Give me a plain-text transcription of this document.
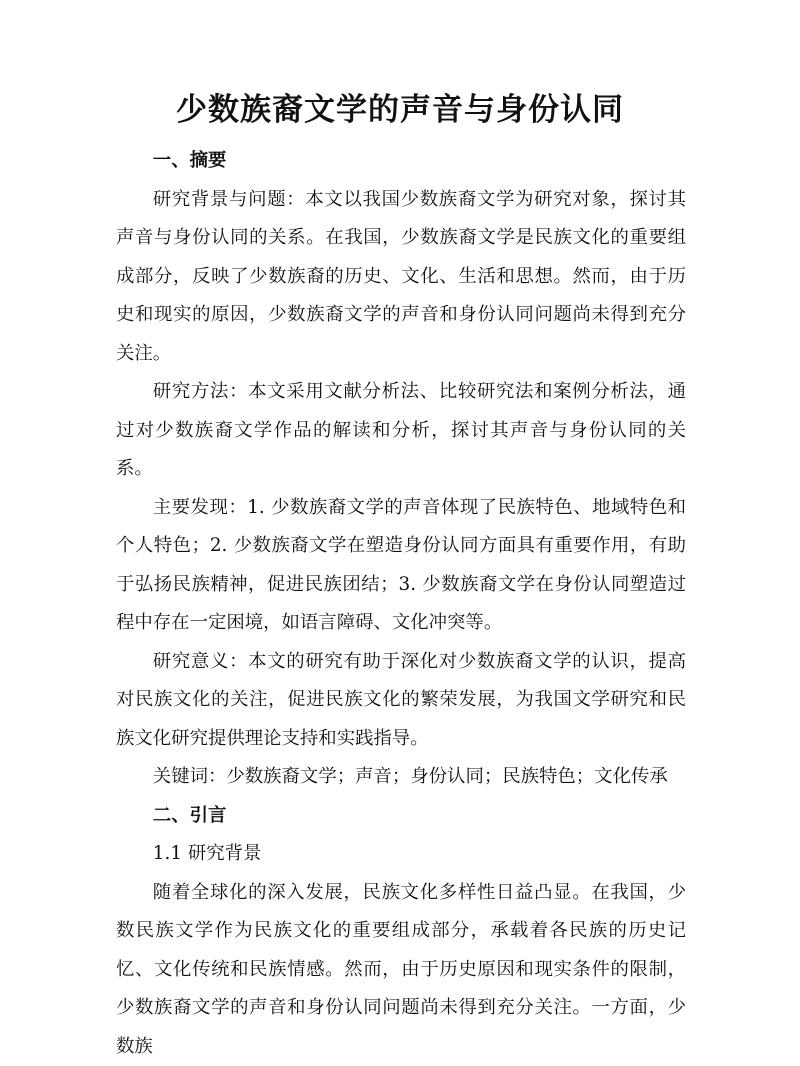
少数族裔文学的声音与身份认同
一、摘要

研究背景与问题：本文以我国少数族裔文学为研究对象，探讨其声音与身份认同的关系。在我国，少数族裔文学是民族文化的重要组成部分，反映了少数族裔的历史、文化、生活和思想。然而，由于历史和现实的原因，少数族裔文学的声音和身份认同问题尚未得到充分关注。

研究方法：本文采用文献分析法、比较研究法和案例分析法，通过对少数族裔文学作品的解读和分析，探讨其声音与身份认同的关系。

主要发现：1. 少数族裔文学的声音体现了民族特色、地域特色和个人特色；2. 少数族裔文学在塑造身份认同方面具有重要作用，有助于弘扬民族精神，促进民族团结；3. 少数族裔文学在身份认同塑造过程中存在一定困境，如语言障碍、文化冲突等。

研究意义：本文的研究有助于深化对少数族裔文学的认识，提高对民族文化的关注，促进民族文化的繁荣发展，为我国文学研究和民族文化研究提供理论支持和实践指导。

关键词：少数族裔文学；声音；身份认同；民族特色；文化传承

二、引言

1.1 研究背景

随着全球化的深入发展，民族文化多样性日益凸显。在我国，少数民族文学作为民族文化的重要组成部分，承载着各民族的历史记忆、文化传统和民族情感。然而，由于历史原因和现实条件的限制，少数族裔文学的声音和身份认同问题尚未得到充分关注。一方面，少数族
